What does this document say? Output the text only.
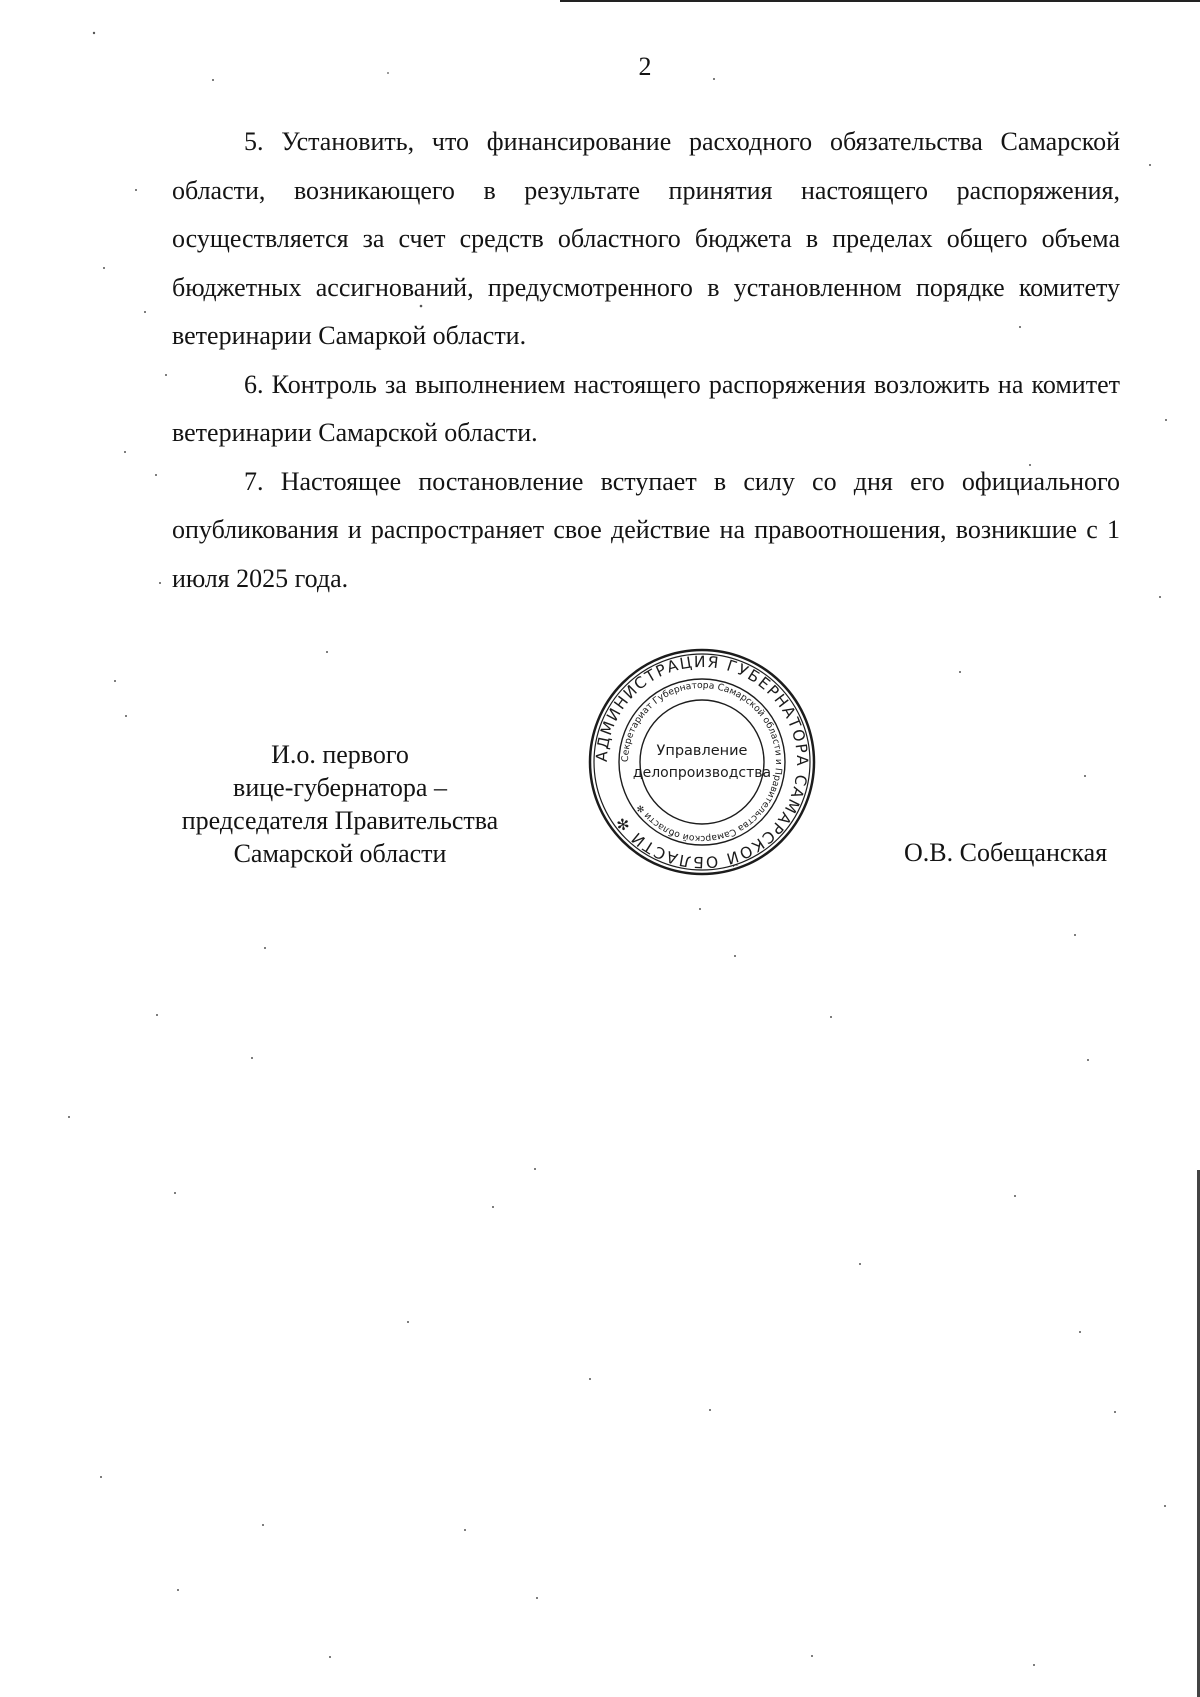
2

5. Установить, что финансирование расходного обязательства Самарской области, возникающего в результате принятия настоящего распоряжения, осуществляется за счет средств областного бюджета в пределах общего объема бюджетных ассигнований, предусмотренного в установленном порядке комитету ветеринарии Самаркой области.

6. Контроль за выполнением настоящего распоряжения возложить на комитет ветеринарии Самарской области.

7. Настоящее постановление вступает в силу со дня его официального опубликования и распространяет свое действие на правоотношения, возникшие с 1 июля 2025 года.

И.о. первого
вице-губернатора –
председателя Правительства
Самарской области
АДМИНИСТРАЦИЯ ГУБЕРНАТОРА САМАРСКОЙ ОБЛАСТИ ✻
Секретариат Губернатора Самарской области и Правительства Самарской области ✻
Управление
делопроизводства
О.В. Собещанская
